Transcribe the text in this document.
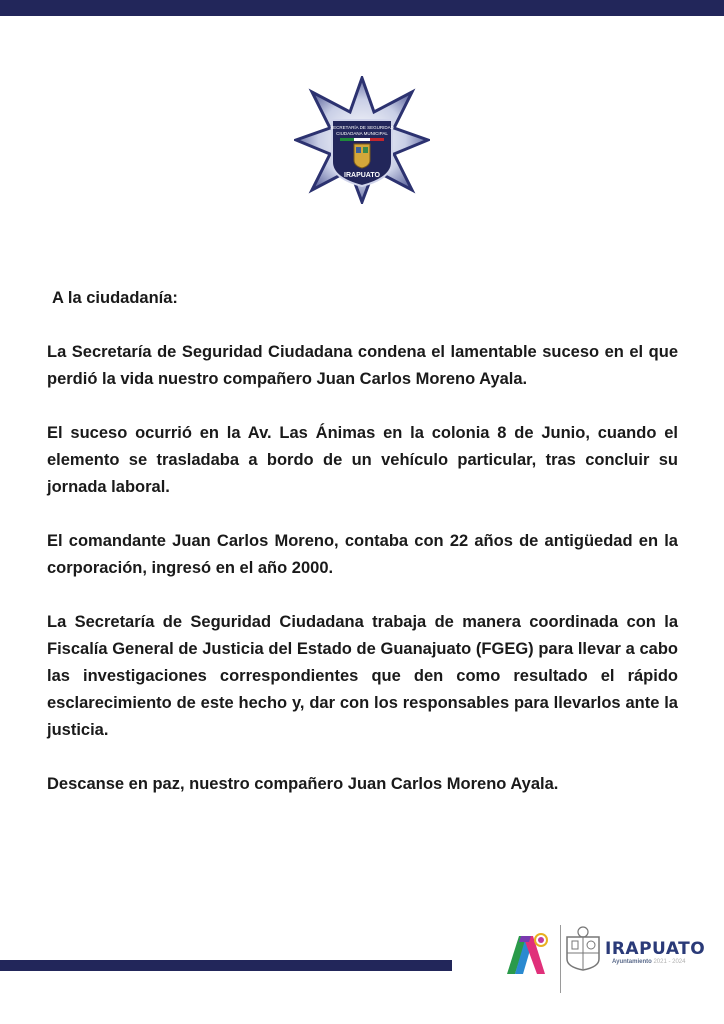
SECRETARÍA DE SEGURIDAD
CIUDADANA MUNICIPAL
IRAPUATO

A la ciudadanía:

La Secretaría de Seguridad Ciudadana condena el lamentable suceso en el que perdió la vida nuestro compañero Juan Carlos Moreno Ayala.

El suceso ocurrió en la Av. Las Ánimas en la colonia 8 de Junio, cuando el elemento se trasladaba a bordo de un vehículo particular, tras concluir su jornada laboral.

El comandante Juan Carlos Moreno, contaba con 22 años de antigüedad en la corporación, ingresó en el año 2000.

La Secretaría de Seguridad Ciudadana trabaja de manera coordinada con la Fiscalía General de Justicia del Estado de Guanajuato (FGEG) para llevar a cabo las investigaciones correspondientes que den como resultado el rápido esclarecimiento de este hecho y, dar con los responsables para llevarlos ante la justicia.

Descanse en paz, nuestro compañero Juan Carlos Moreno Ayala.

IRAPUATO
Ayuntamiento 2021 - 2024
